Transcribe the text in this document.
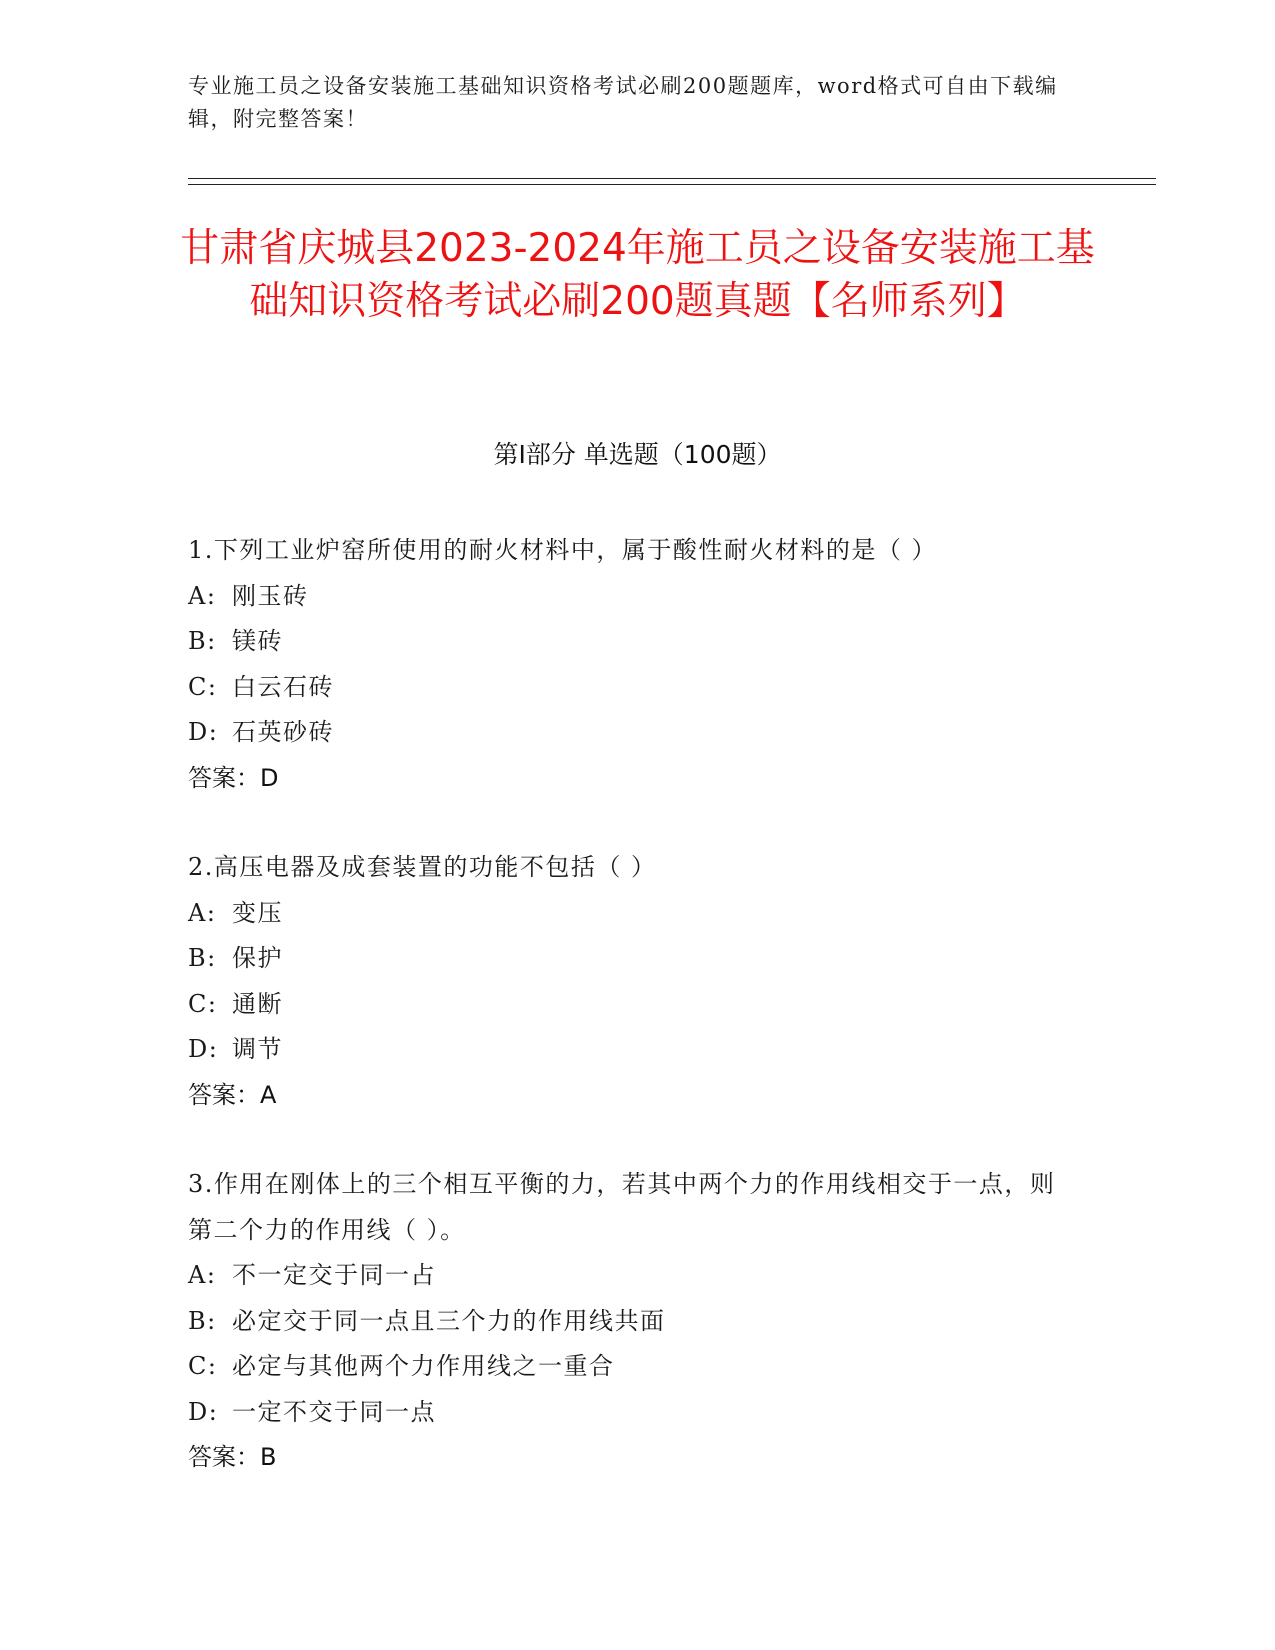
专业施工员之设备安装施工基础知识资格考试必刷200题题库，word格式可自由下载编辑，附完整答案！
甘肃省庆城县2023-2024年施工员之设备安装施工基础知识资格考试必刷200题真题【名师系列】
第Ⅰ部分 单选题（100题）
1.下列工业炉窑所使用的耐火材料中，属于酸性耐火材料的是（ ）
A: 刚玉砖
B: 镁砖
C: 白云石砖
D: 石英砂砖
答案：D
2.高压电器及成套装置的功能不包括（ ）
A: 变压
B: 保护
C: 通断
D: 调节
答案：A
3.作用在刚体上的三个相互平衡的力，若其中两个力的作用线相交于一点，则第二个力的作用线（ ）。
A: 不一定交于同一占
B: 必定交于同一点且三个力的作用线共面
C: 必定与其他两个力作用线之一重合
D: 一定不交于同一点
答案：B
